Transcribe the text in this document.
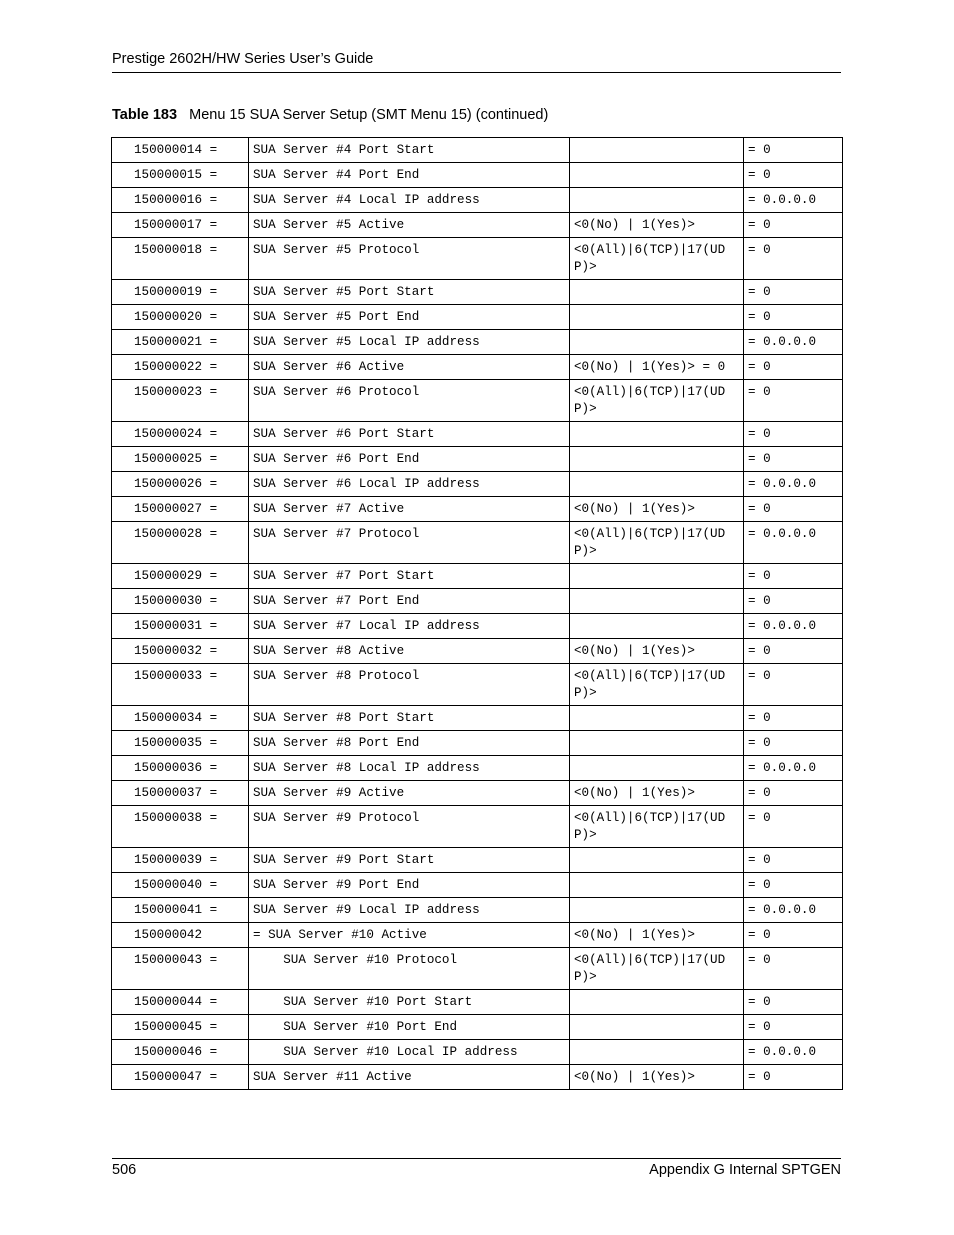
Prestige 2602H/HW Series User’s Guide
Table 183 Menu 15 SUA Server Setup (SMT Menu 15) (continued)
150000014 =	SUA Server #4 Port Start		= 0
150000015 =	SUA Server #4 Port End		= 0
150000016 =	SUA Server #4 Local IP address		= 0.0.0.0
150000017 =	SUA Server #5 Active	<0(No) | 1(Yes)>	= 0
150000018 =	SUA Server #5 Protocol	<0(All)|6(TCP)|17(UDP)>	= 0
150000019 =	SUA Server #5 Port Start		= 0
150000020 =	SUA Server #5 Port End		= 0
150000021 =	SUA Server #5 Local IP address		= 0.0.0.0
150000022 =	SUA Server #6 Active	<0(No) | 1(Yes)> = 0	= 0
150000023 =	SUA Server #6 Protocol	<0(All)|6(TCP)|17(UDP)>	= 0
150000024 =	SUA Server #6 Port Start		= 0
150000025 =	SUA Server #6 Port End		= 0
150000026 =	SUA Server #6 Local IP address		= 0.0.0.0
150000027 =	SUA Server #7 Active	<0(No) | 1(Yes)>	= 0
150000028 =	SUA Server #7 Protocol	<0(All)|6(TCP)|17(UDP)>	= 0.0.0.0
150000029 =	SUA Server #7 Port Start		= 0
150000030 =	SUA Server #7 Port End		= 0
150000031 =	SUA Server #7 Local IP address		= 0.0.0.0
150000032 =	SUA Server #8 Active	<0(No) | 1(Yes)>	= 0
150000033 =	SUA Server #8 Protocol	<0(All)|6(TCP)|17(UDP)>	= 0
150000034 =	SUA Server #8 Port Start		= 0
150000035 =	SUA Server #8 Port End		= 0
150000036 =	SUA Server #8 Local IP address		= 0.0.0.0
150000037 =	SUA Server #9 Active	<0(No) | 1(Yes)>	= 0
150000038 =	SUA Server #9 Protocol	<0(All)|6(TCP)|17(UDP)>	= 0
150000039 =	SUA Server #9 Port Start		= 0
150000040 =	SUA Server #9 Port End		= 0
150000041 =	SUA Server #9 Local IP address		= 0.0.0.0
150000042	= SUA Server #10 Active	<0(No) | 1(Yes)>	= 0
150000043 =	SUA Server #10 Protocol	<0(All)|6(TCP)|17(UDP)>	= 0
150000044 =	SUA Server #10 Port Start		= 0
150000045 =	SUA Server #10 Port End		= 0
150000046 =	SUA Server #10 Local IP address		= 0.0.0.0
150000047 =	SUA Server #11 Active	<0(No) | 1(Yes)>	= 0
506	Appendix G Internal SPTGEN
